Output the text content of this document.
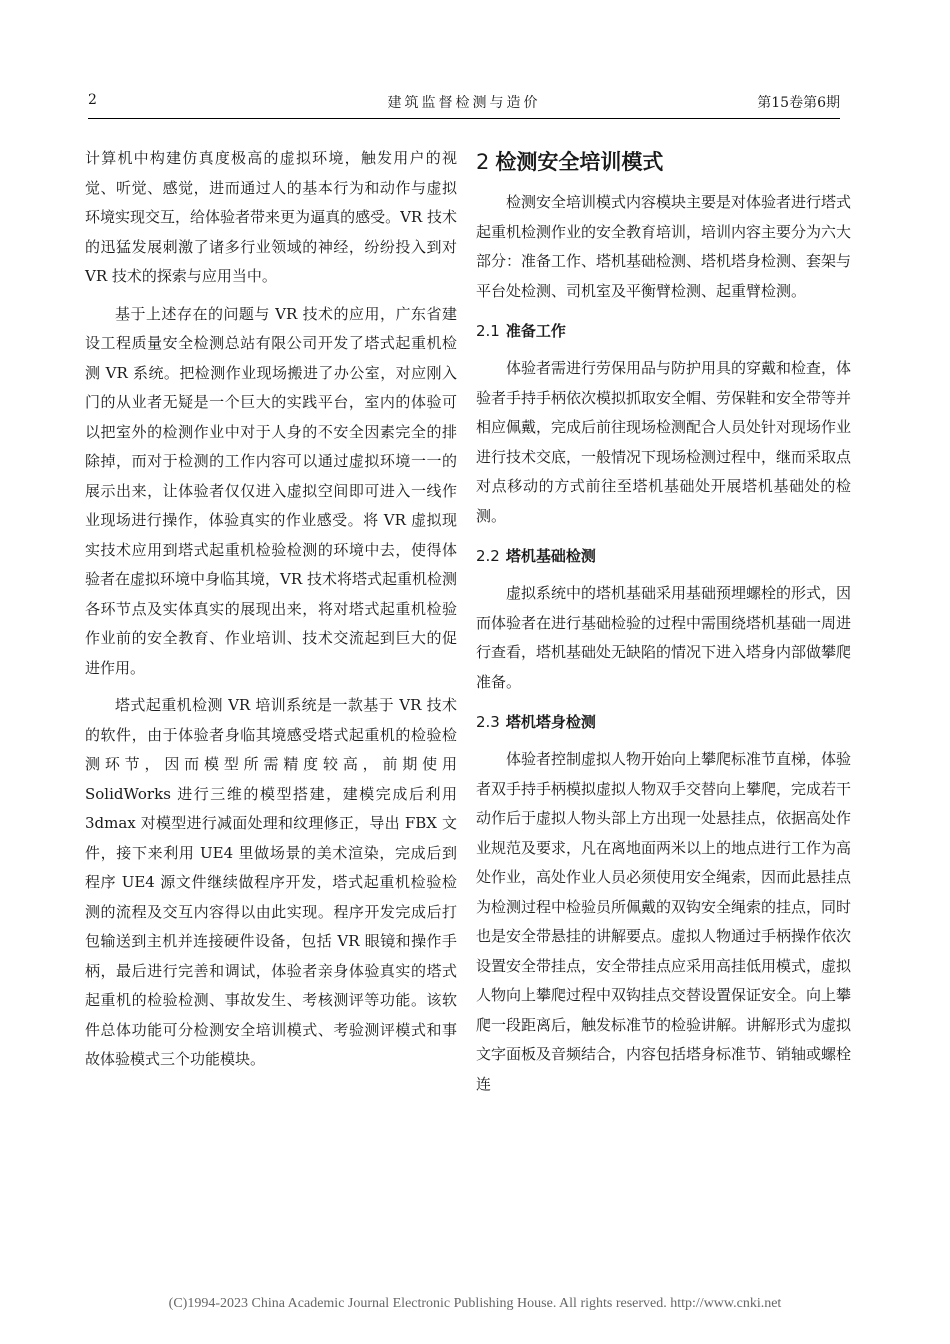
2	建筑监督检测与造价	第15卷第6期

计算机中构建仿真度极高的虚拟环境，触发用户的视觉、听觉、感觉，进而通过人的基本行为和动作与虚拟环境实现交互，给体验者带来更为逼真的感受。VR 技术的迅猛发展刺激了诸多行业领域的神经，纷纷投入到对 VR 技术的探索与应用当中。

基于上述存在的问题与 VR 技术的应用，广东省建设工程质量安全检测总站有限公司开发了塔式起重机检测 VR 系统。把检测作业现场搬进了办公室，对应刚入门的从业者无疑是一个巨大的实践平台，室内的体验可以把室外的检测作业中对于人身的不安全因素完全的排除掉，而对于检测的工作内容可以通过虚拟环境一一的展示出来，让体验者仅仅进入虚拟空间即可进入一线作业现场进行操作，体验真实的作业感受。将 VR 虚拟现实技术应用到塔式起重机检验检测的环境中去，使得体验者在虚拟环境中身临其境，VR 技术将塔式起重机检测各环节点及实体真实的展现出来，将对塔式起重机检验作业前的安全教育、作业培训、技术交流起到巨大的促进作用。

塔式起重机检测 VR 培训系统是一款基于 VR 技术的软件，由于体验者身临其境感受塔式起重机的检验检测环节，因而模型所需精度较高，前期使用 SolidWorks 进行三维的模型搭建，建模完成后利用 3dmax 对模型进行减面处理和纹理修正，导出 FBX 文件，接下来利用 UE4 里做场景的美术渲染，完成后到程序 UE4 源文件继续做程序开发，塔式起重机检验检测的流程及交互内容得以由此实现。程序开发完成后打包输送到主机并连接硬件设备，包括 VR 眼镜和操作手柄，最后进行完善和调试，体验者亲身体验真实的塔式起重机的检验检测、事故发生、考核测评等功能。该软件总体功能可分检测安全培训模式、考验测评模式和事故体验模式三个功能模块。

2 检测安全培训模式

检测安全培训模式内容模块主要是对体验者进行塔式起重机检测作业的安全教育培训，培训内容主要分为六大部分：准备工作、塔机基础检测、塔机塔身检测、套架与平台处检测、司机室及平衡臂检测、起重臂检测。

2.1 准备工作

体验者需进行劳保用品与防护用具的穿戴和检查，体验者手持手柄依次模拟抓取安全帽、劳保鞋和安全带等并相应佩戴，完成后前往现场检测配合人员处针对现场作业进行技术交底，一般情况下现场检测过程中，继而采取点对点移动的方式前往至塔机基础处开展塔机基础处的检测。

2.2 塔机基础检测

虚拟系统中的塔机基础采用基础预埋螺栓的形式，因而体验者在进行基础检验的过程中需围绕塔机基础一周进行查看，塔机基础处无缺陷的情况下进入塔身内部做攀爬准备。

2.3 塔机塔身检测

体验者控制虚拟人物开始向上攀爬标准节直梯，体验者双手持手柄模拟虚拟人物双手交替向上攀爬，完成若干动作后于虚拟人物头部上方出现一处悬挂点，依据高处作业规范及要求，凡在离地面两米以上的地点进行工作为高处作业，高处作业人员必须使用安全绳索，因而此悬挂点为检测过程中检验员所佩戴的双钩安全绳索的挂点，同时也是安全带悬挂的讲解要点。虚拟人物通过手柄操作依次设置安全带挂点，安全带挂点应采用高挂低用模式，虚拟人物向上攀爬过程中双钩挂点交替设置保证安全。向上攀爬一段距离后，触发标准节的检验讲解。讲解形式为虚拟文字面板及音频结合，内容包括塔身标准节、销轴或螺栓连

(C)1994-2023 China Academic Journal Electronic Publishing House. All rights reserved. http://www.cnki.net
